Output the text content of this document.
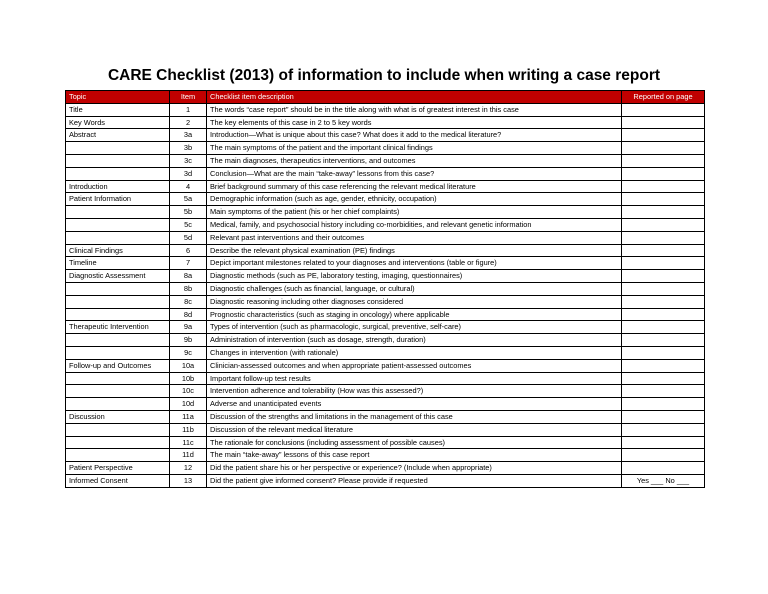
CARE Checklist (2013) of information to include when writing a case report
Topic	Item	Checklist item description	Reported on page
Title	1	The words “case report” should be in the title along with what is of greatest interest in this case	
Key Words	2	The key elements of this case in 2 to 5 key words	
Abstract	3a	Introduction—What is unique about this case? What does it add to the medical literature?	
	3b	The main symptoms of the patient and the important clinical findings	
	3c	The main diagnoses, therapeutics interventions, and outcomes	
	3d	Conclusion—What are the main “take-away” lessons from this case?	
Introduction	4	Brief background summary of this case referencing the relevant medical literature	
Patient Information	5a	Demographic information (such as age, gender, ethnicity, occupation)	
	5b	Main symptoms of the patient (his or her chief complaints)	
	5c	Medical, family, and psychosocial history including co-morbidities, and relevant genetic information	
	5d	Relevant past interventions and their outcomes	
Clinical Findings	6	Describe the relevant physical examination (PE) findings	
Timeline	7	Depict important milestones related to your diagnoses and interventions (table or figure)	
Diagnostic Assessment	8a	Diagnostic methods (such as PE, laboratory testing, imaging, questionnaires)	
	8b	Diagnostic challenges (such as financial, language, or cultural)	
	8c	Diagnostic reasoning including other diagnoses considered	
	8d	Prognostic characteristics (such as staging in oncology) where applicable	
Therapeutic Intervention	9a	Types of intervention (such as pharmacologic, surgical, preventive, self-care)	
	9b	Administration of intervention (such as dosage, strength, duration)	
	9c	Changes in intervention (with rationale)	
Follow-up and Outcomes	10a	Clinician-assessed outcomes and when appropriate patient-assessed outcomes	
	10b	Important follow-up test results	
	10c	Intervention adherence and tolerability (How was this assessed?)	
	10d	Adverse and unanticipated events	
Discussion	11a	Discussion of the strengths and limitations in the management of this case	
	11b	Discussion of the relevant medical literature	
	11c	The rationale for conclusions (including assessment of possible causes)	
	11d	The main “take-away” lessons of this case report	
Patient Perspective	12	Did the patient share his or her perspective or experience? (Include when appropriate)	
Informed Consent	13	Did the patient give informed consent? Please provide if requested	Yes ___ No ___
